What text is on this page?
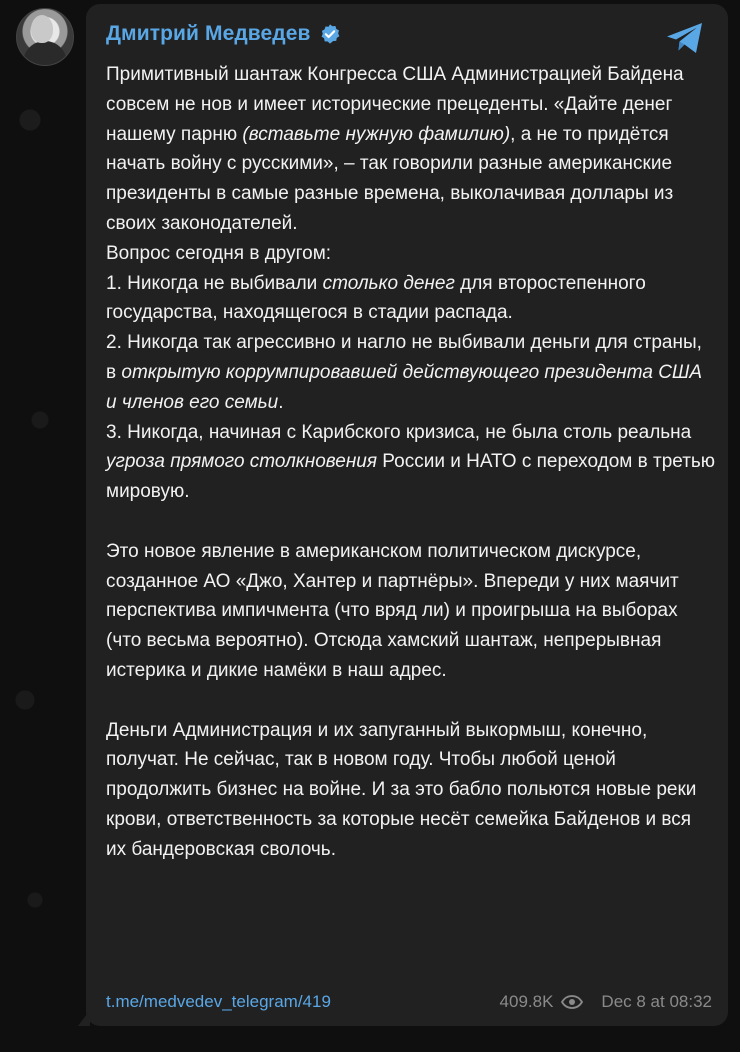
Дмитрий Медведев

Примитивный шантаж Конгресса США Администрацией Байдена совсем не нов и имеет исторические прецеденты. «Дайте денег нашему парню (вставьте нужную фамилию), а не то придётся начать войну с русскими», – так говорили разные американские президенты в самые разные времена, выколачивая доллары из своих законодателей.

Вопрос сегодня в другом:

1. Никогда не выбивали столько денег для второстепенного государства, находящегося в стадии распада.

2. Никогда так агрессивно и нагло не выбивали деньги для страны, в открытую коррумпировавшей действующего президента США и членов его семьи.

3. Никогда, начиная с Карибского кризиса, не была столь реальна угроза прямого столкновения России и НАТО с переходом в третью мировую.

Это новое явление в американском политическом дискурсе, созданное АО «Джо, Хантер и партнёры». Впереди у них маячит перспектива импичмента (что вряд ли) и проигрыша на выборах (что весьма вероятно). Отсюда хамский шантаж, непрерывная истерика и дикие намёки в наш адрес.

Деньги Администрация и их запуганный выкормыш, конечно, получат. Не сейчас, так в новом году. Чтобы любой ценой продолжить бизнес на войне. И за это бабло польются новые реки крови, ответственность за которые несёт семейка Байденов и вся их бандеровская сволочь.

t.me/medvedev_telegram/419	409.8K	Dec 8 at 08:32
